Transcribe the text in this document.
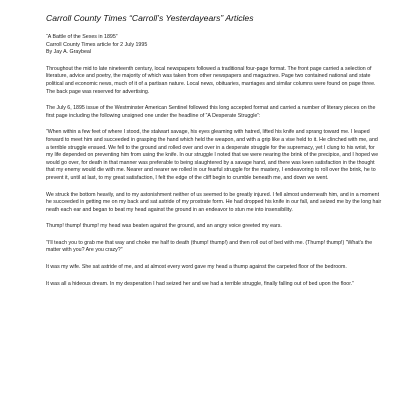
Carroll County Times “Carroll’s Yesterdayears” Articles
“A Battle of the Sexes in 1895”
Carroll County Times article for 2 July 1995
By Jay A. Graybeal

Throughout the mid to late nineteenth century, local newspapers followed a traditional four-page format. The front page carried a selection of literature, advice and poetry, the majority of which was taken from other newspapers and magazines. Page two contained national and state political and economic news, much of it of a partisan nature. Local news, obituaries, marriages and similar columns were found on page three. The back page was reserved for advertising.

The July 6, 1895 issue of the Westminster American Sentinel followed this long accepted format and carried a number of literary pieces on the first page including the following unsigned one under the headline of “A Desperate Struggle”:

“When within a few feet of where I stood, the stalwart savage, his eyes gleaming with hatred, lifted his knife and sprang toward me. I leaped forward to meet him and succeeded in grasping the hand which held the weapon, and with a grip like a vise held to it. He clinched with me, and a terrible struggle ensued. We fell to the ground and rolled over and over in a desperate struggle for the supremacy, yet I clung to his wrist, for my life depended on preventing him from using the knife. In our struggle I noted that we were nearing the brink of the precipice, and I hoped we would go over, for death in that manner was preferable to being slaughtered by a savage hand, and there was keen satisfaction in the thought that my enemy would die with me. Nearer and nearer we rolled in our fearful struggle for the mastery, I endeavoring to roll over the brink, he to prevent it, until at last, to my great satisfaction, I felt the edge of the cliff begin to crumble beneath me, and down we went.

We struck the bottom heavily, and to my astonishment neither of us seemed to be greatly injured. I fell almost underneath him, and in a moment he succeeded in getting me on my back and sat astride of my prostrate form. He had dropped his knife in our fall, and seized me by the long hair neath each ear and began to beat my head against the ground in an endeavor to stun me into insensibility.

Thump! thump! thump! my head was beaten against the ground, and an angry voice greeted my ears.

“I’ll teach you to grab me that way and choke me half to death (thump! thump!) and then roll out of bed with me. (Thump! thump!) “What’s the matter with you? Are you crazy?”

It was my wife. She sat astride of me, and at almost every word gave my head a thump against the carpeted floor of the bedroom.

It was all a hideous dream. In my desperation I had seized her and we had a terrible struggle, finally falling out of bed upon the floor.”
